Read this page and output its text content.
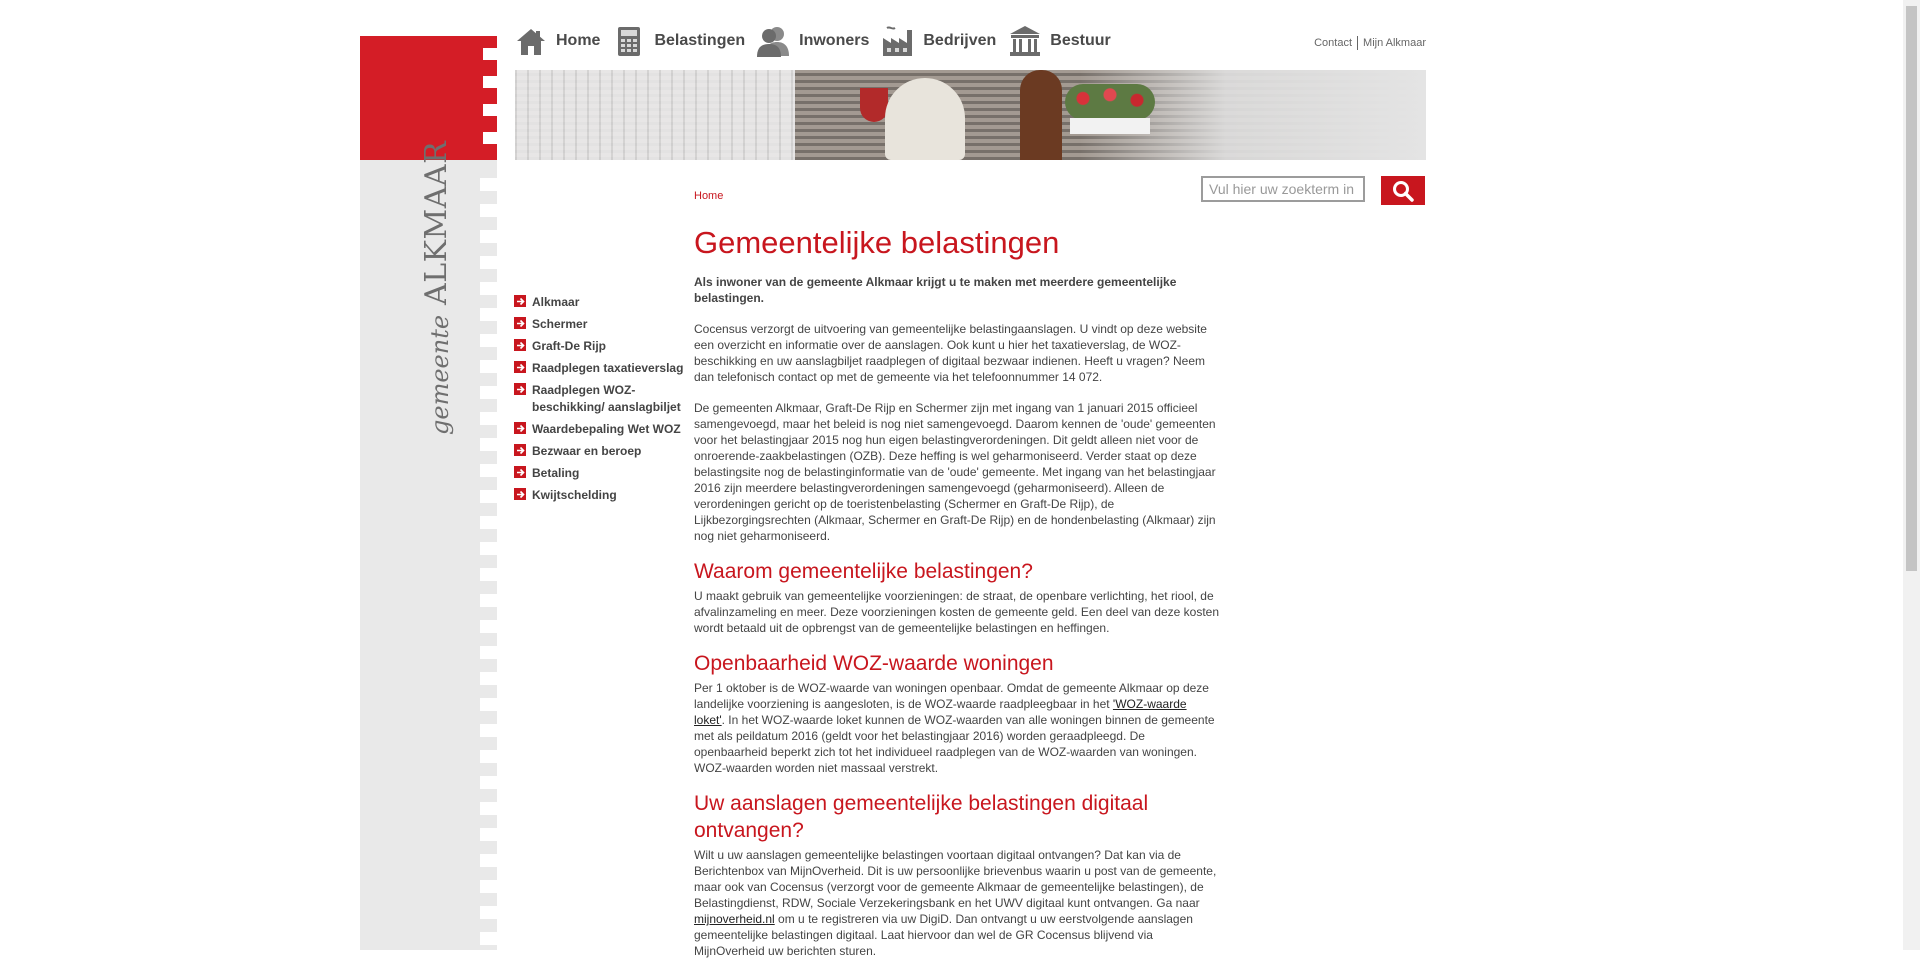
gemeente
ALKMAAR
Home	Belastingen	Inwoners	Bedrijven	Bestuur	Contact Mijn Alkmaar
Vul hier uw zoekterm in
Home
Alkmaar
Schermer
Graft-De Rijp
Raadplegen taxatieverslag
Raadplegen WOZ-beschikking/ aanslagbiljet
Waardebepaling Wet WOZ
Bezwaar en beroep
Betaling
Kwijtschelding
Gemeentelijke belastingen

Als inwoner van de gemeente Alkmaar krijgt u te maken met meerdere gemeentelijke belastingen.

Cocensus verzorgt de uitvoering van gemeentelijke belastingaanslagen. U vindt op deze website een overzicht en informatie over de aanslagen. Ook kunt u hier het taxatieverslag, de WOZ-beschikking en uw aanslagbiljet raadplegen of digitaal bezwaar indienen. Heeft u vragen? Neem dan telefonisch contact op met de gemeente via het telefoonnummer 14 072.

De gemeenten Alkmaar, Graft-De Rijp en Schermer zijn met ingang van 1 januari 2015 officieel samengevoegd, maar het beleid is nog niet samengevoegd. Daarom kennen de 'oude' gemeenten voor het belastingjaar 2015 nog hun eigen belastingverordeningen. Dit geldt alleen niet voor de onroerende-zaakbelastingen (OZB). Deze heffing is wel geharmoniseerd. Verder staat op deze belastingsite nog de belastinginformatie van de 'oude' gemeente. Met ingang van het belastingjaar 2016 zijn meerdere belastingverordeningen samengevoegd (geharmoniseerd). Alleen de verordeningen gericht op de toeristenbelasting (Schermer en Graft-De Rijp), de Lijkbezorgingsrechten (Alkmaar, Schermer en Graft-De Rijp) en de hondenbelasting (Alkmaar) zijn nog niet geharmoniseerd.

Waarom gemeentelijke belastingen?

U maakt gebruik van gemeentelijke voorzieningen: de straat, de openbare verlichting, het riool, de afvalinzameling en meer. Deze voorzieningen kosten de gemeente geld. Een deel van deze kosten wordt betaald uit de opbrengst van de gemeentelijke belastingen en heffingen.

Openbaarheid WOZ-waarde woningen

Per 1 oktober is de WOZ-waarde van woningen openbaar. Omdat de gemeente Alkmaar op deze landelijke voorziening is aangesloten, is de WOZ-waarde raadpleegbaar in het 'WOZ-waarde loket'. In het WOZ-waarde loket kunnen de WOZ-waarden van alle woningen binnen de gemeente met als peildatum 2016 (geldt voor het belastingjaar 2016) worden geraadpleegd. De openbaarheid beperkt zich tot het individueel raadplegen van de WOZ-waarden van woningen. WOZ-waarden worden niet massaal verstrekt.

Uw aanslagen gemeentelijke belastingen digitaal ontvangen?

Wilt u uw aanslagen gemeentelijke belastingen voortaan digitaal ontvangen? Dat kan via de Berichtenbox van MijnOverheid. Dit is uw persoonlijke brievenbus waarin u post van de gemeente, maar ook van Cocensus (verzorgt voor de gemeente Alkmaar de gemeentelijke belastingen), de Belastingdienst, RDW, Sociale Verzekeringsbank en het UWV digitaal kunt ontvangen. Ga naar mijnoverheid.nl om u te registreren via uw DigiD. Dan ontvangt u uw eerstvolgende aanslagen gemeentelijke belastingen digitaal. Laat hiervoor dan wel de GR Cocensus blijvend via MijnOverheid uw berichten sturen.
